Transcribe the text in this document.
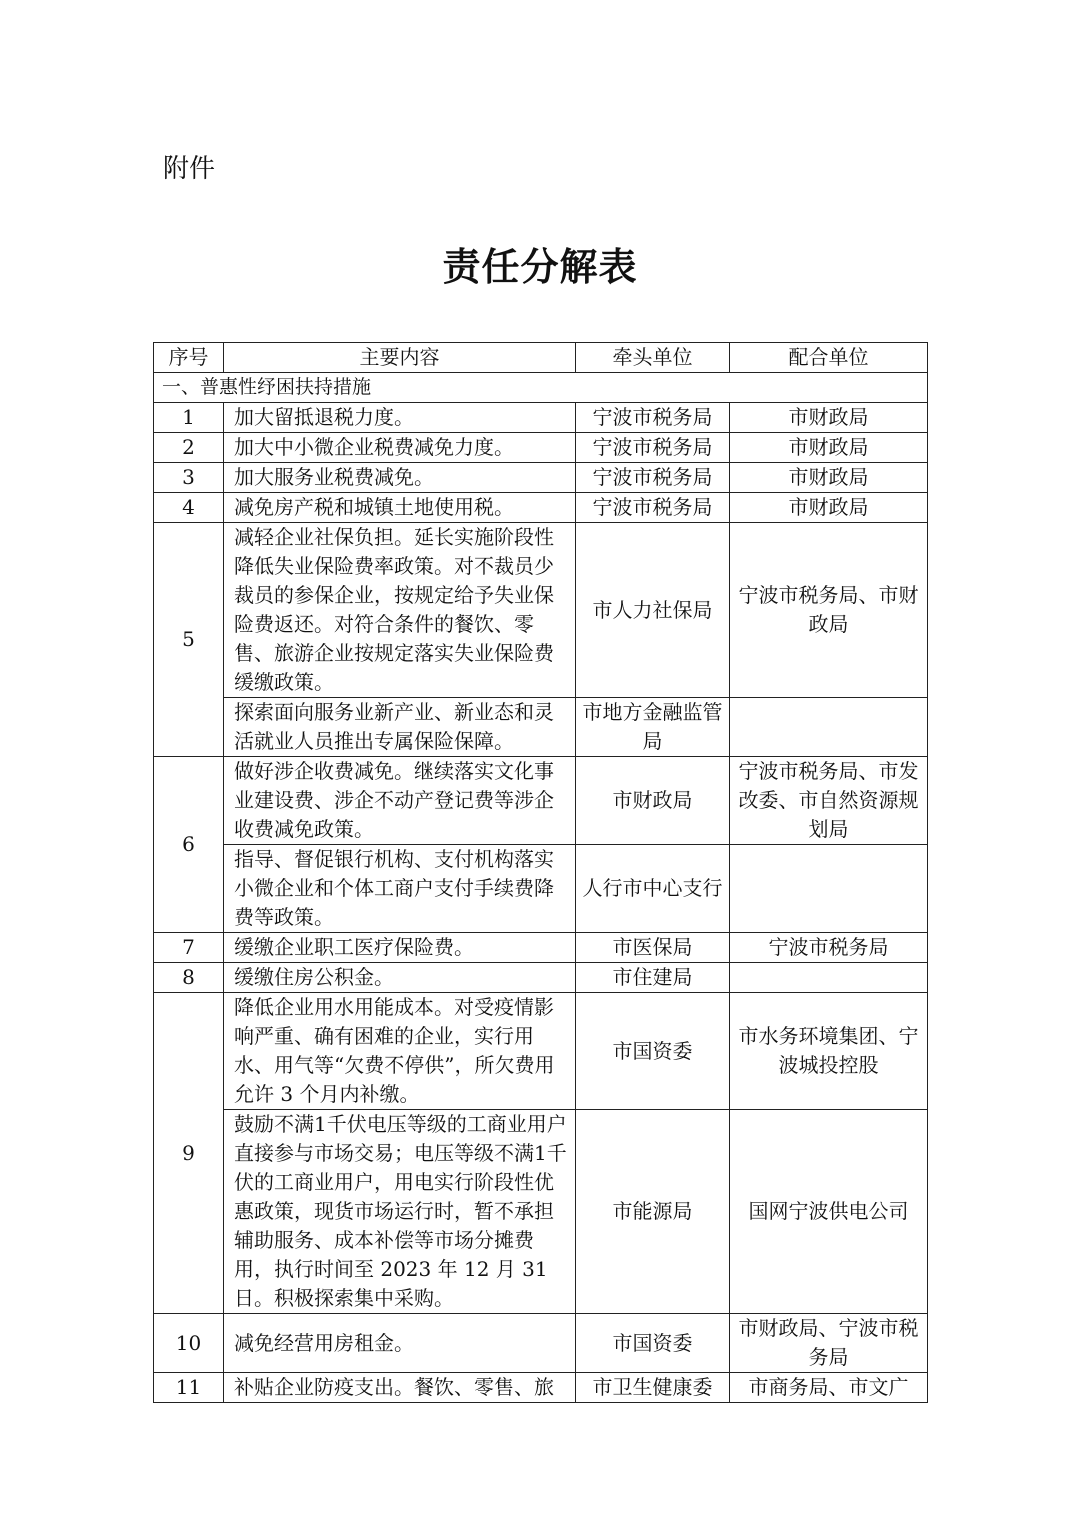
附件
责任分解表
序号	主要内容	牵头单位	配合单位
一、普惠性纾困扶持措施			
1	加大留抵退税力度。	宁波市税务局	市财政局
2	加大中小微企业税费减免力度。	宁波市税务局	市财政局
3	加大服务业税费减免。	宁波市税务局	市财政局
4	减免房产税和城镇土地使用税。	宁波市税务局	市财政局
5	减轻企业社保负担。延长实施阶段性降低失业保险费率政策。对不裁员少裁员的参保企业，按规定给予失业保险费返还。对符合条件的餐饮、零售、旅游企业按规定落实失业保险费缓缴政策。	市人力社保局	宁波市税务局、市财政局
	探索面向服务业新产业、新业态和灵活就业人员推出专属保险保障。	市地方金融监管局	
6	做好涉企收费减免。继续落实文化事业建设费、涉企不动产登记费等涉企收费减免政策。	市财政局	宁波市税务局、市发改委、市自然资源规划局
	指导、督促银行机构、支付机构落实小微企业和个体工商户支付手续费降费等政策。	人行市中心支行	
7	缓缴企业职工医疗保险费。	市医保局	宁波市税务局
8	缓缴住房公积金。	市住建局	
9	降低企业用水用能成本。对受疫情影响严重、确有困难的企业，实行用水、用气等“欠费不停供”，所欠费用允许 3 个月内补缴。	市国资委	市水务环境集团、宁波城投控股
	鼓励不满1千伏电压等级的工商业用户直接参与市场交易；电压等级不满1千伏的工商业用户，用电实行阶段性优惠政策，现货市场运行时，暂不承担辅助服务、成本补偿等市场分摊费用，执行时间至 2023 年 12 月 31 日。积极探索集中采购。	市能源局	国网宁波供电公司
10	减免经营用房租金。	市国资委	市财政局、宁波市税务局
11	补贴企业防疫支出。餐饮、零售、旅	市卫生健康委	市商务局、市文广
